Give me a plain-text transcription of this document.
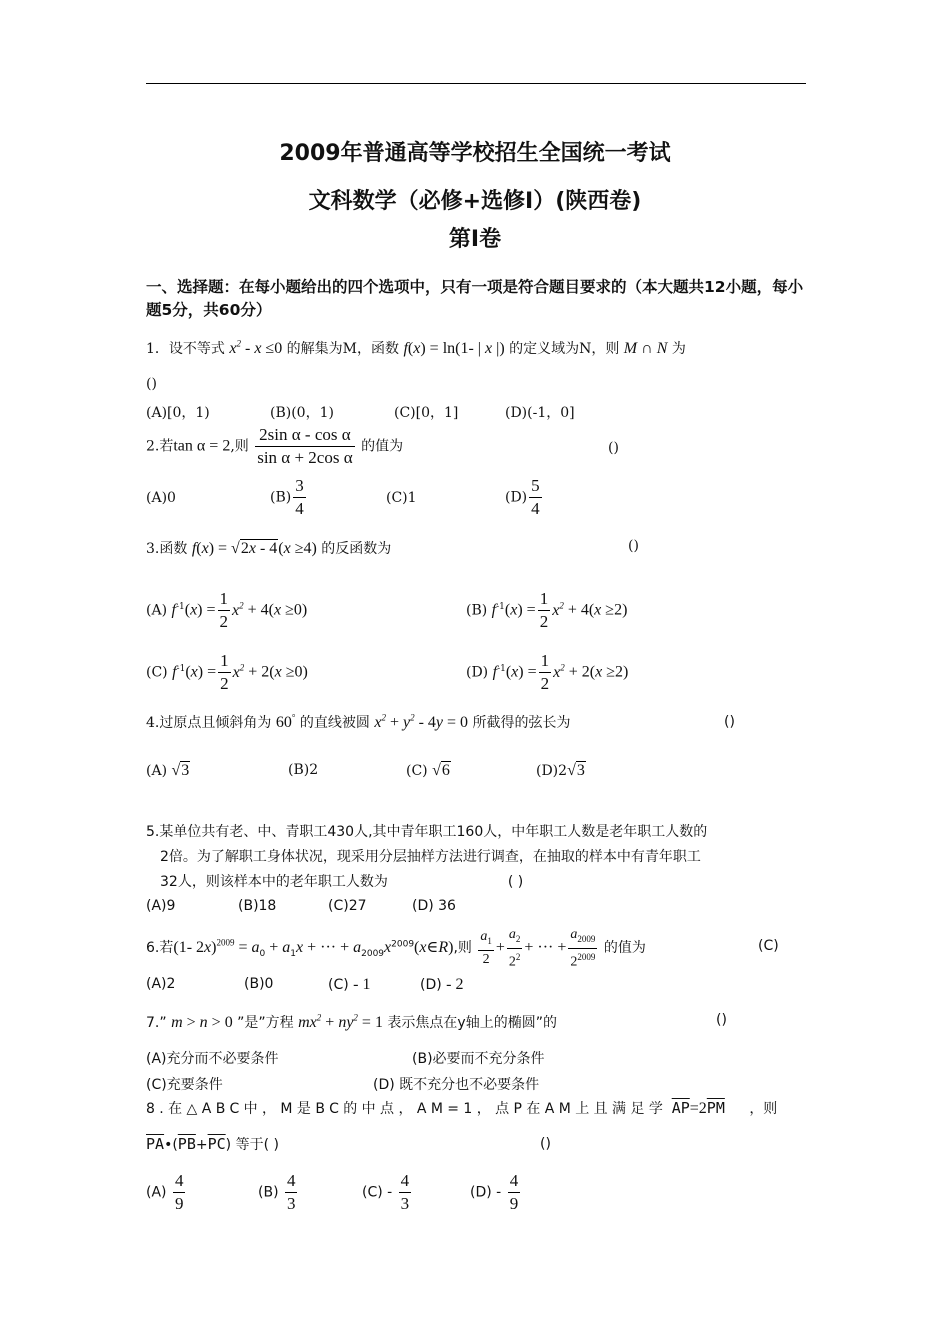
2009年普通高等学校招生全国统一考试
文科数学（必修+选修Ⅰ）(陕西卷)
第Ⅰ卷
一、选择题：在每小题给出的四个选项中，只有一项是符合题目要求的（本大题共12小题，每小题5分，共60分）
1．设不等式 $x^2 - x \le 0$ 的解集为M，函数 f(x) = ln(1- | x |) 的定义域为N，则 M ∩ N 为
()
(A)[0，1)	(B)(0，1)	(C)[0，1]	(D)(-1，0]
2.若tan α = 2,则 $\frac{\text{2sin α - cos α}}{\text{sin α + 2cos α}}$ 的值为	()
(A)0	$(B) \frac{3}{4}$	(C)1	$(D) \frac{5}{4}$
3.函数 f(x) = √2x - 4(x ≥4) 的反函数为	()
(A) $f^{-1}(x) = \frac{1}{2} x^2 + 4(x \ge 0)$	(B) $f^{-1}(x) = \frac{1}{2} x^2 + 4(x \ge 2)$
(C) $f^{-1}(x) = \frac{1}{2} x^2 + 2(x \ge 0)$	(D) $f^{-1}(x) = \frac{1}{2} x^2 + 2(x \ge 2)$
4.过原点且倾斜角为 60° 的直线被圆 $x^2 + y^2 - 4y = 0$ 所截得的弦长为	()
(A) √3	(B)2	(C) √6	(D)2√3
5.某单位共有老、中、青职工430人,其中青年职工160人，中年职工人数是老年职工人数的
2倍。为了解职工身体状况，现采用分层抽样方法进行调查，在抽取的样本中有青年职工
32人，则该样本中的老年职工人数为	( )
(A)9	(B)18	(C)27	(D) 36
6.若(1- $2x)^{2009} = a_0 + a_1x$ + ··· + $a_{2009}x^{2009}(x\in R)$,则 $\frac{a_1}{2} + \frac{a_2}{2^2}$ + ··· + $\frac{a_{2009}}{2^{2009}}$ 的值为	(C)
(A)2	(B)0	(C) - 1	(D) - 2
7.” m > n > 0 ”是”方程 $mx^2 + ny^2 = 1$ 表示焦点在y轴上的椭圆”的	()
(A)充分而不必要条件	(B)必要而不充分条件
(C)充要条件	(D) 既不充分也不必要条件
8.在△ABC中，M是BC的中点，AM=1，点P在AM上且满足学 $\overline{AP}=2\overline{PM}$ ，则
$\overline{PA}•(\overline{PB}+\overline{PC})$ 等于( )	()
$(A) \frac{4}{9}$	$(B) \frac{4}{3}$	$(C) - \frac{4}{3}$	$(D) - \frac{4}{9}$
